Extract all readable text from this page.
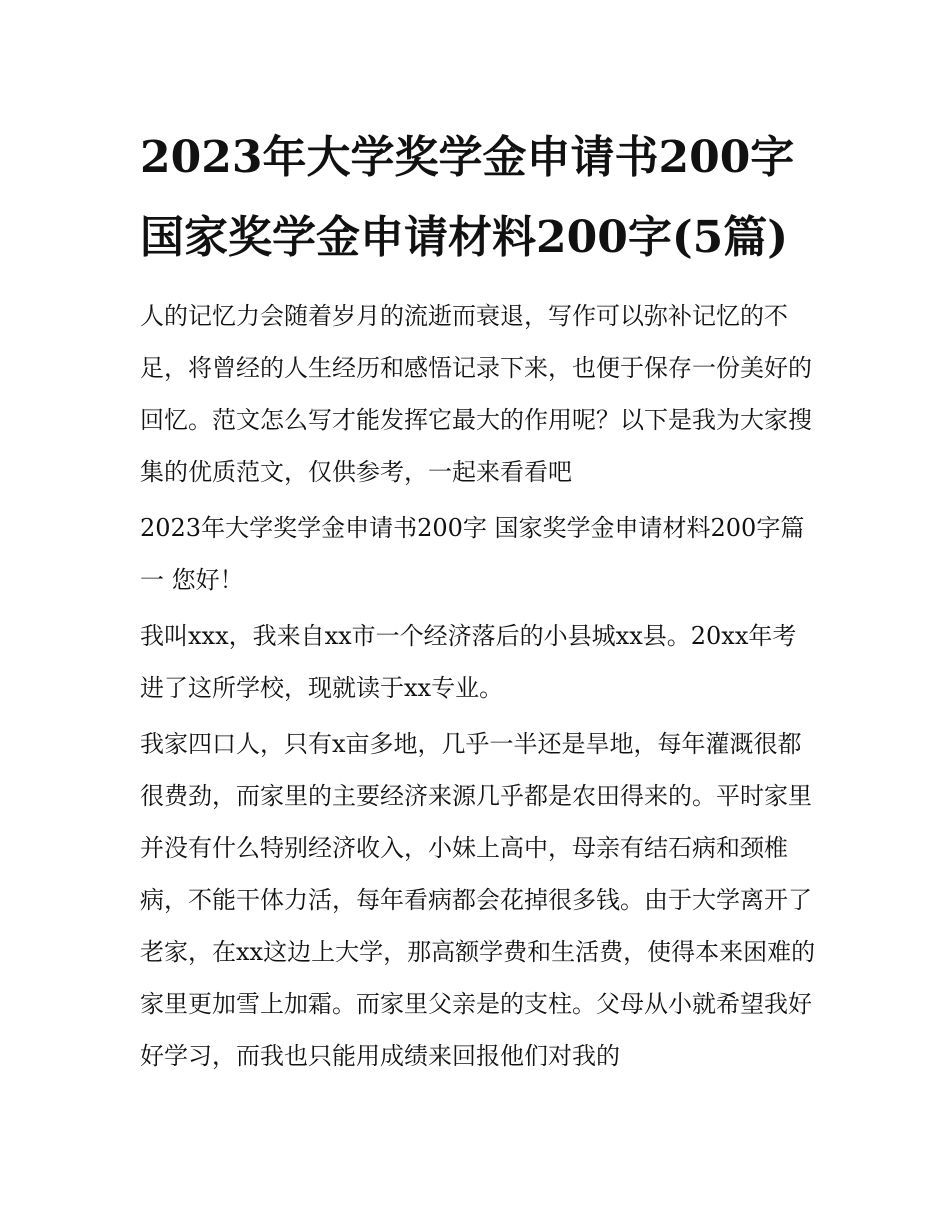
2023年大学奖学金申请书200字 国家奖学金申请材料200字(5篇)

人的记忆力会随着岁月的流逝而衰退，写作可以弥补记忆的不足，将曾经的人生经历和感悟记录下来，也便于保存一份美好的回忆。范文怎么写才能发挥它最大的作用呢？以下是我为大家搜集的优质范文，仅供参考，一起来看看吧

2023年大学奖学金申请书200字 国家奖学金申请材料200字篇一 您好！

我叫xxx，我来自xx市一个经济落后的小县城xx县。20xx年考进了这所学校，现就读于xx专业。

我家四口人，只有x亩多地，几乎一半还是旱地，每年灌溉很都很费劲，而家里的主要经济来源几乎都是农田得来的。平时家里并没有什么特别经济收入，小妹上高中，母亲有结石病和颈椎病，不能干体力活，每年看病都会花掉很多钱。由于大学离开了老家，在xx这边上大学，那高额学费和生活费，使得本来困难的家里更加雪上加霜。而家里父亲是的支柱。父母从小就希望我好好学习，而我也只能用成绩来回报他们对我的
